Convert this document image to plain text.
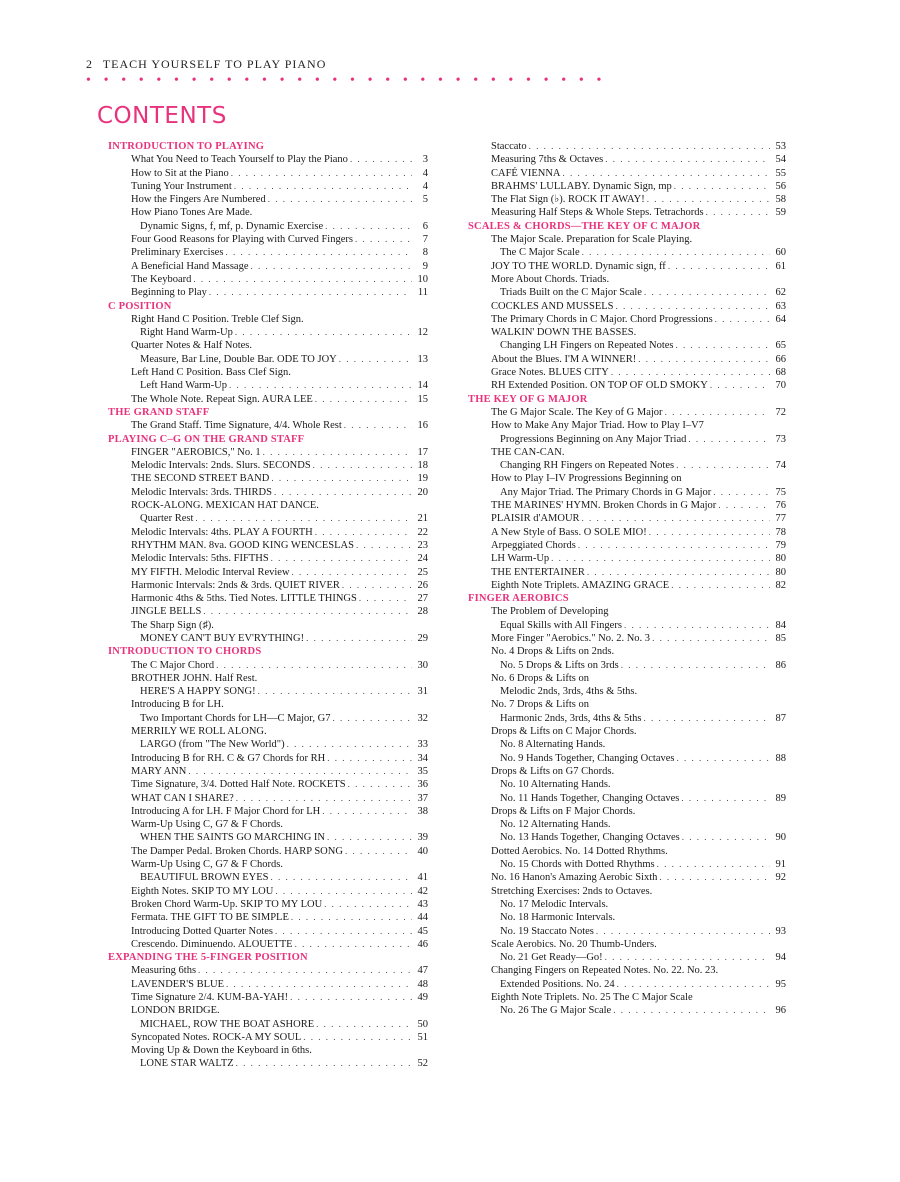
2 TEACH YOURSELF TO PLAY PIANO
• • • • • • • • • • • • • • • • • • • • • • • • • • • • • •
CONTENTS
INTRODUCTION TO PLAYING
What You Need to Teach Yourself to Play the Piano . . .	3
How to Sit at the Piano . . .	4
Tuning Your Instrument . . .	4
How the Fingers Are Numbered . . .	5
How Piano Tones Are Made.
Dynamic Signs, f, mf, p. Dynamic Exercise . . .	6
Four Good Reasons for Playing with Curved Fingers . . .	7
Preliminary Exercises . . .	8
A Beneficial Hand Massage . . .	9
The Keyboard . . .	10
Beginning to Play . . .	11
C POSITION
Right Hand C Position. Treble Clef Sign.
Right Hand Warm-Up . . .	12
Quarter Notes & Half Notes.
Measure, Bar Line, Double Bar. ODE TO JOY . . .	13
Left Hand C Position. Bass Clef Sign.
Left Hand Warm-Up . . .	14
The Whole Note. Repeat Sign. AURA LEE . . .	15
THE GRAND STAFF
The Grand Staff. Time Signature, 4/4. Whole Rest . . .	16
PLAYING C–G ON THE GRAND STAFF
FINGER "AEROBICS," No. 1 . . .	17
Melodic Intervals: 2nds. Slurs. SECONDS . . .	18
THE SECOND STREET BAND . . .	19
Melodic Intervals: 3rds. THIRDS . . .	20
ROCK-ALONG. MEXICAN HAT DANCE.
Quarter Rest . . .	21
Melodic Intervals: 4ths. PLAY A FOURTH . . .	22
RHYTHM MAN. 8va. GOOD KING WENCESLAS . . .	23
Melodic Intervals: 5ths. FIFTHS . . .	24
MY FIFTH. Melodic Interval Review . . .	25
Harmonic Intervals: 2nds & 3rds. QUIET RIVER . . .	26
Harmonic 4ths & 5ths. Tied Notes. LITTLE THINGS . . .	27
JINGLE BELLS . . .	28
The Sharp Sign (♯).
MONEY CAN'T BUY EV'RYTHING! . . .	29
INTRODUCTION TO CHORDS
The C Major Chord . . .	30
BROTHER JOHN. Half Rest.
HERE'S A HAPPY SONG! . . .	31
Introducing B for LH.
Two Important Chords for LH—C Major, G7 . . .	32
MERRILY WE ROLL ALONG.
LARGO (from "The New World") . . .	33
Introducing B for RH. C & G7 Chords for RH . . .	34
MARY ANN . . .	35
Time Signature, 3/4. Dotted Half Note. ROCKETS . . .	36
WHAT CAN I SHARE? . . .	37
Introducing A for LH. F Major Chord for LH . . .	38
Warm-Up Using C, G7 & F Chords.
WHEN THE SAINTS GO MARCHING IN . . .	39
The Damper Pedal. Broken Chords. HARP SONG . . .	40
Warm-Up Using C, G7 & F Chords.
BEAUTIFUL BROWN EYES . . .	41
Eighth Notes. SKIP TO MY LOU . . .	42
Broken Chord Warm-Up. SKIP TO MY LOU . . .	43
Fermata. THE GIFT TO BE SIMPLE . . .	44
Introducing Dotted Quarter Notes . . .	45
Crescendo. Diminuendo. ALOUETTE . . .	46
EXPANDING THE 5-FINGER POSITION
Measuring 6ths . . .	47
LAVENDER'S BLUE . . .	48
Time Signature 2/4. KUM-BA-YAH! . . .	49
LONDON BRIDGE.
MICHAEL, ROW THE BOAT ASHORE . . .	50
Syncopated Notes. ROCK-A MY SOUL . . .	51
Moving Up & Down the Keyboard in 6ths.
LONE STAR WALTZ . . .	52
Staccato . . .	53
Measuring 7ths & Octaves . . .	54
CAFÉ VIENNA . . .	55
BRAHMS' LULLABY. Dynamic Sign, mp . . .	56
The Flat Sign (♭). ROCK IT AWAY! . . .	58
Measuring Half Steps & Whole Steps. Tetrachords . . .	59
SCALES & CHORDS—THE KEY OF C MAJOR
The Major Scale. Preparation for Scale Playing.
The C Major Scale . . .	60
JOY TO THE WORLD. Dynamic sign, ff . . .	61
More About Chords. Triads.
Triads Built on the C Major Scale . . .	62
COCKLES AND MUSSELS . . .	63
The Primary Chords in C Major. Chord Progressions . . .	64
WALKIN' DOWN THE BASSES.
Changing LH Fingers on Repeated Notes . . .	65
About the Blues. I'M A WINNER! . . .	66
Grace Notes. BLUES CITY . . .	68
RH Extended Position. ON TOP OF OLD SMOKY . . .	70
THE KEY OF G MAJOR
The G Major Scale. The Key of G Major . . .	72
How to Make Any Major Triad. How to Play I–V7
Progressions Beginning on Any Major Triad . . .	73
THE CAN-CAN.
Changing RH Fingers on Repeated Notes . . .	74
How to Play I–IV Progressions Beginning on
Any Major Triad. The Primary Chords in G Major . . .	75
THE MARINES' HYMN. Broken Chords in G Major . . .	76
PLAISIR d'AMOUR . . .	77
A New Style of Bass. O SOLE MIO! . . .	78
Arpeggiated Chords . . .	79
LH Warm-Up . . .	80
THE ENTERTAINER . . .	80
Eighth Note Triplets. AMAZING GRACE . . .	82
FINGER AEROBICS
The Problem of Developing
Equal Skills with All Fingers . . .	84
More Finger "Aerobics." No. 2. No. 3 . . .	85
No. 4 Drops & Lifts on 2nds.
No. 5 Drops & Lifts on 3rds . . .	86
No. 6 Drops & Lifts on
Melodic 2nds, 3rds, 4ths & 5ths.
No. 7 Drops & Lifts on
Harmonic 2nds, 3rds, 4ths & 5ths . . .	87
Drops & Lifts on C Major Chords.
No. 8 Alternating Hands.
No. 9 Hands Together, Changing Octaves . . .	88
Drops & Lifts on G7 Chords.
No. 10 Alternating Hands.
No. 11 Hands Together, Changing Octaves . . .	89
Drops & Lifts on F Major Chords.
No. 12 Alternating Hands.
No. 13 Hands Together, Changing Octaves . . .	90
Dotted Aerobics. No. 14 Dotted Rhythms.
No. 15 Chords with Dotted Rhythms . . .	91
No. 16 Hanon's Amazing Aerobic Sixth . . .	92
Stretching Exercises: 2nds to Octaves.
No. 17 Melodic Intervals.
No. 18 Harmonic Intervals.
No. 19 Staccato Notes . . .	93
Scale Aerobics. No. 20 Thumb-Unders.
No. 21 Get Ready—Go! . . .	94
Changing Fingers on Repeated Notes. No. 22. No. 23.
Extended Positions. No. 24 . . .	95
Eighth Note Triplets. No. 25 The C Major Scale
No. 26 The G Major Scale . . .	96
